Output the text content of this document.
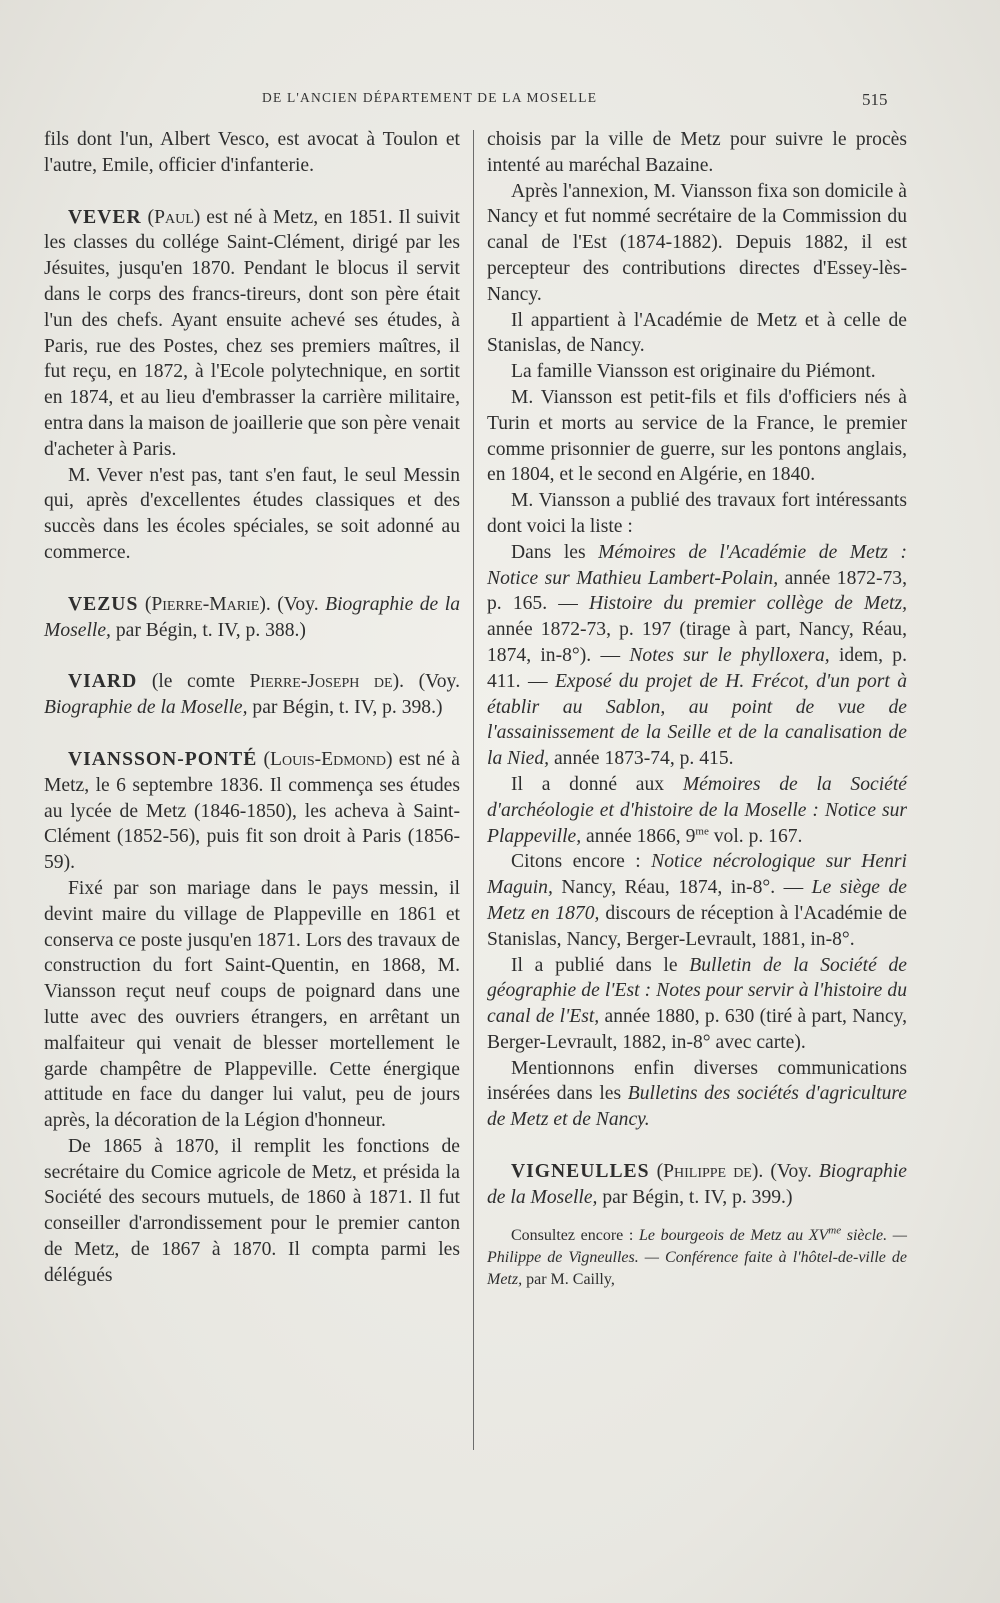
DE L'ANCIEN DÉPARTEMENT DE LA MOSELLE	515

fils dont l'un, Albert Vesco, est avocat à Toulon et l'autre, Emile, officier d'infanterie.

VEVER (Paul) est né à Metz, en 1851. Il suivit les classes du collége Saint-Clément, dirigé par les Jésuites, jusqu'en 1870. Pendant le blocus il servit dans le corps des francs-tireurs, dont son père était l'un des chefs. Ayant ensuite achevé ses études, à Paris, rue des Postes, chez ses premiers maîtres, il fut reçu, en 1872, à l'Ecole polytechnique, en sortit en 1874, et au lieu d'embrasser la carrière militaire, entra dans la maison de joaillerie que son père venait d'acheter à Paris.

M. Vever n'est pas, tant s'en faut, le seul Messin qui, après d'excellentes études classiques et des succès dans les écoles spéciales, se soit adonné au commerce.

VEZUS (Pierre-Marie). (Voy. Biographie de la Moselle, par Bégin, t. IV, p. 388.)

VIARD (le comte Pierre-Joseph de). (Voy. Biographie de la Moselle, par Bégin, t. IV, p. 398.)

VIANSSON-PONTÉ (Louis-Edmond) est né à Metz, le 6 septembre 1836. Il commença ses études au lycée de Metz (1846-1850), les acheva à Saint-Clément (1852-56), puis fit son droit à Paris (1856-59).

Fixé par son mariage dans le pays messin, il devint maire du village de Plappeville en 1861 et conserva ce poste jusqu'en 1871. Lors des travaux de construction du fort Saint-Quentin, en 1868, M. Viansson reçut neuf coups de poignard dans une lutte avec des ouvriers étrangers, en arrêtant un malfaiteur qui venait de blesser mortellement le garde champêtre de Plappeville. Cette énergique attitude en face du danger lui valut, peu de jours après, la décoration de la Légion d'honneur.

De 1865 à 1870, il remplit les fonctions de secrétaire du Comice agricole de Metz, et présida la Société des secours mutuels, de 1860 à 1871. Il fut conseiller d'arrondissement pour le premier canton de Metz, de 1867 à 1870. Il compta parmi les délégués

choisis par la ville de Metz pour suivre le procès intenté au maréchal Bazaine.

Après l'annexion, M. Viansson fixa son domicile à Nancy et fut nommé secrétaire de la Commission du canal de l'Est (1874-1882). Depuis 1882, il est percepteur des contributions directes d'Essey-lès-Nancy.

Il appartient à l'Académie de Metz et à celle de Stanislas, de Nancy.

La famille Viansson est originaire du Piémont.

M. Viansson est petit-fils et fils d'officiers nés à Turin et morts au service de la France, le premier comme prisonnier de guerre, sur les pontons anglais, en 1804, et le second en Algérie, en 1840.

M. Viansson a publié des travaux fort intéressants dont voici la liste :

Dans les Mémoires de l'Académie de Metz : Notice sur Mathieu Lambert-Polain, année 1872-73, p. 165. — Histoire du premier collège de Metz, année 1872-73, p. 197 (tirage à part, Nancy, Réau, 1874, in-8°). — Notes sur le phylloxera, idem, p. 411. — Exposé du projet de H. Frécot, d'un port à établir au Sablon, au point de vue de l'assainissement de la Seille et de la canalisation de la Nied, année 1873-74, p. 415.

Il a donné aux Mémoires de la Société d'archéologie et d'histoire de la Moselle : Notice sur Plappeville, année 1866, $9^{me}$ vol. p. 167.

Citons encore : Notice nécrologique sur Henri Maguin, Nancy, Réau, 1874, in-8°. — Le siège de Metz en 1870, discours de réception à l'Académie de Stanislas, Nancy, Berger-Levrault, 1881, in-8°.

Il a publié dans le Bulletin de la Société de géographie de l'Est : Notes pour servir à l'histoire du canal de l'Est, année 1880, p. 630 (tiré à part, Nancy, Berger-Levrault, 1882, in-8° avec carte).

Mentionnons enfin diverses communications insérées dans les Bulletins des sociétés d'agriculture de Metz et de Nancy.

VIGNEULLES (Philippe de). (Voy. Biographie de la Moselle, par Bégin, t. IV, p. 399.)

Consultez encore : Le bourgeois de Metz au $XV^{me}$ siècle. — Philippe de Vigneulles. — Conférence faite à l'hôtel-de-ville de Metz, par M. Cailly,
